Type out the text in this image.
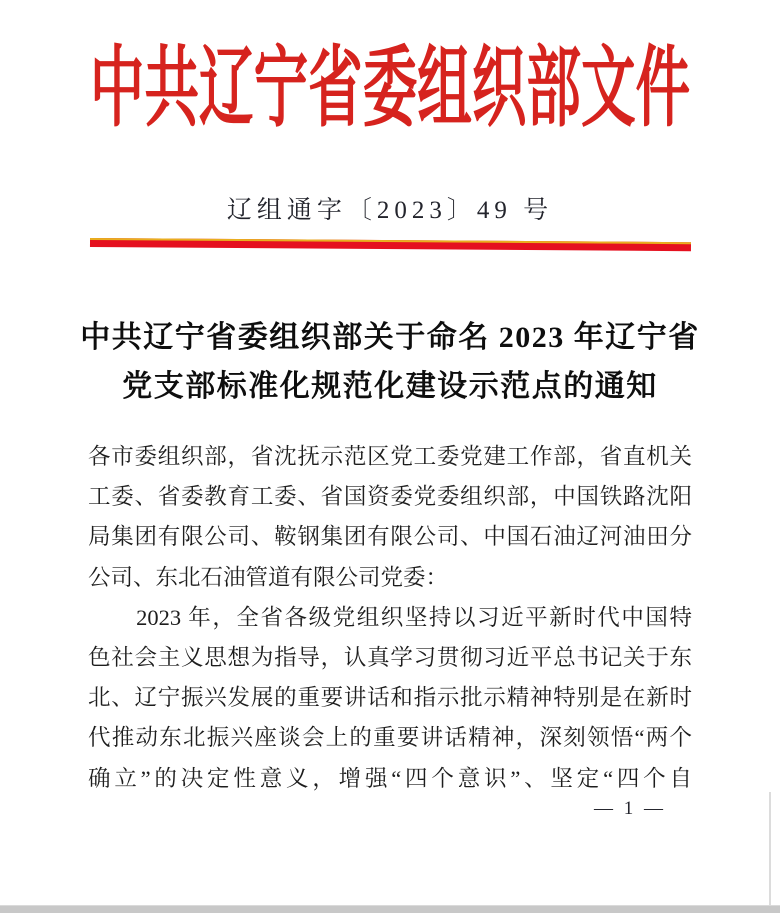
中共辽宁省委组织部文件
辽组通字〔2023〕49 号
中共辽宁省委组织部关于命名 2023 年辽宁省
党支部标准化规范化建设示范点的通知
各市委组织部，省沈抚示范区党工委党建工作部，省直机关
工委、省委教育工委、省国资委党委组织部，中国铁路沈阳
局集团有限公司、鞍钢集团有限公司、中国石油辽河油田分
公司、东北石油管道有限公司党委：
　　2023 年，全省各级党组织坚持以习近平新时代中国特
色社会主义思想为指导，认真学习贯彻习近平总书记关于东
北、辽宁振兴发展的重要讲话和指示批示精神特别是在新时
代推动东北振兴座谈会上的重要讲话精神，深刻领悟“两个
确立”的决定性意义，增强“四个意识”、坚定“四个自
— 1 —
